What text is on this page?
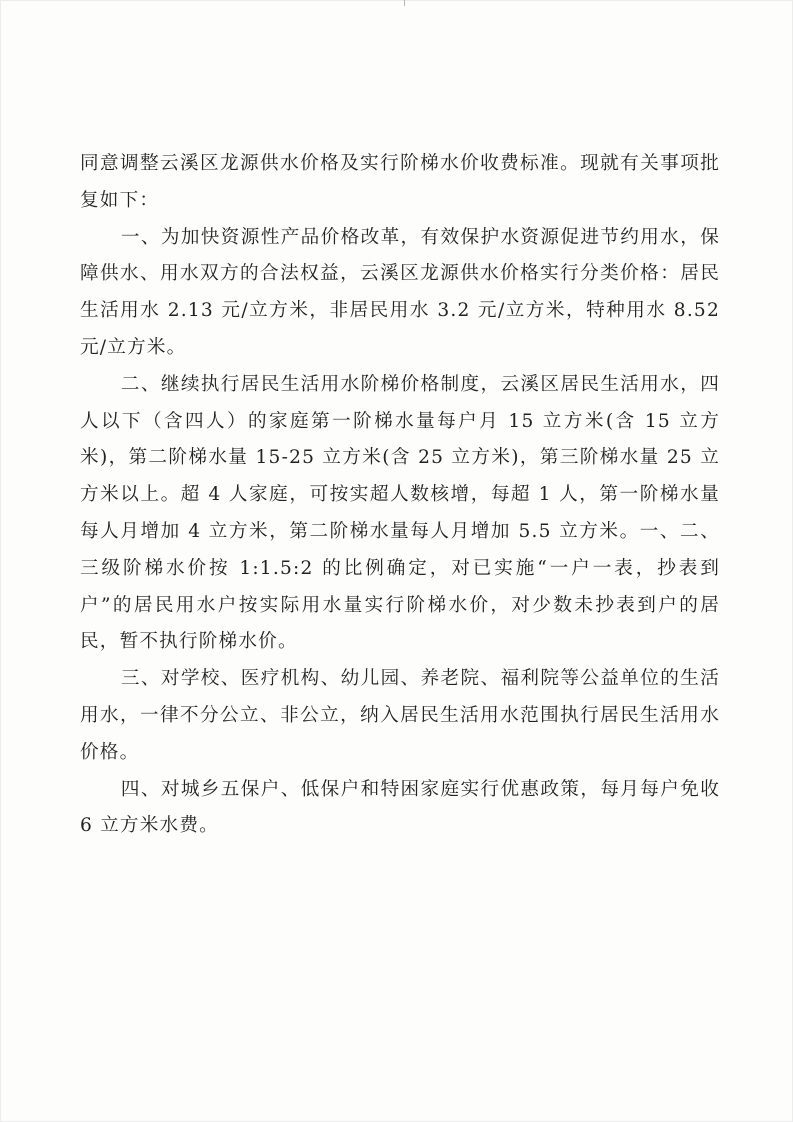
同意调整云溪区龙源供水价格及实行阶梯水价收费标准。现就有关事项批复如下：

一、为加快资源性产品价格改革，有效保护水资源促进节约用水，保障供水、用水双方的合法权益，云溪区龙源供水价格实行分类价格：居民生活用水 2.13 元/立方米，非居民用水 3.2 元/立方米，特种用水 8.52 元/立方米。

二、继续执行居民生活用水阶梯价格制度，云溪区居民生活用水，四人以下（含四人）的家庭第一阶梯水量每户月 15 立方米(含 15 立方米)，第二阶梯水量 15-25 立方米(含 25 立方米)，第三阶梯水量 25 立方米以上。超 4 人家庭，可按实超人数核增，每超 1 人，第一阶梯水量每人月增加 4 立方米，第二阶梯水量每人月增加 5.5 立方米。一、二、三级阶梯水价按 1:1.5:2 的比例确定，对已实施“一户一表，抄表到户”的居民用水户按实际用水量实行阶梯水价，对少数未抄表到户的居民，暂不执行阶梯水价。

三、对学校、医疗机构、幼儿园、养老院、福利院等公益单位的生活用水，一律不分公立、非公立，纳入居民生活用水范围执行居民生活用水价格。

四、对城乡五保户、低保户和特困家庭实行优惠政策，每月每户免收 6 立方米水费。
